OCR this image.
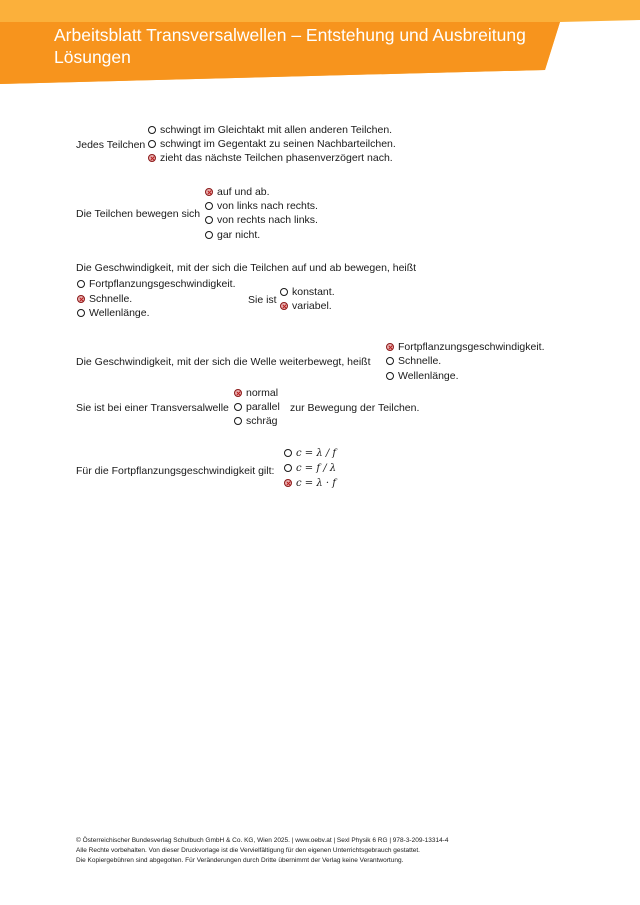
Arbeitsblatt Transversalwellen – Entstehung und Ausbreitung
Lösungen
Jedes Teilchen
schwingt im Gleichtakt mit allen anderen Teilchen.
schwingt im Gegentakt zu seinen Nachbarteilchen.
zieht das nächste Teilchen phasenverzögert nach.
Die Teilchen bewegen sich
auf und ab.
von links nach rechts.
von rechts nach links.
gar nicht.
Die Geschwindigkeit, mit der sich die Teilchen auf und ab bewegen, heißt
Fortpflanzungsgeschwindigkeit.
Schnelle.
Wellenlänge.
Sie ist
konstant.
variabel.
Die Geschwindigkeit, mit der sich die Welle weiterbewegt, heißt
Fortpflanzungsgeschwindigkeit.
Schnelle.
Wellenlänge.
Sie ist bei einer Transversalwelle
normal
parallel
schräg
zur Bewegung der Teilchen.
Für die Fortpflanzungsgeschwindigkeit gilt:
c = λ / f
c = f / λ
c = λ · f
© Österreichischer Bundesverlag Schulbuch GmbH & Co. KG, Wien 2025. | www.oebv.at | Sexl Physik 6 RG | 978-3-209-13314-4
Alle Rechte vorbehalten. Von dieser Druckvorlage ist die Vervielfältigung für den eigenen Unterrichtsgebrauch gestattet.
Die Kopiergebühren sind abgegolten. Für Veränderungen durch Dritte übernimmt der Verlag keine Verantwortung.
